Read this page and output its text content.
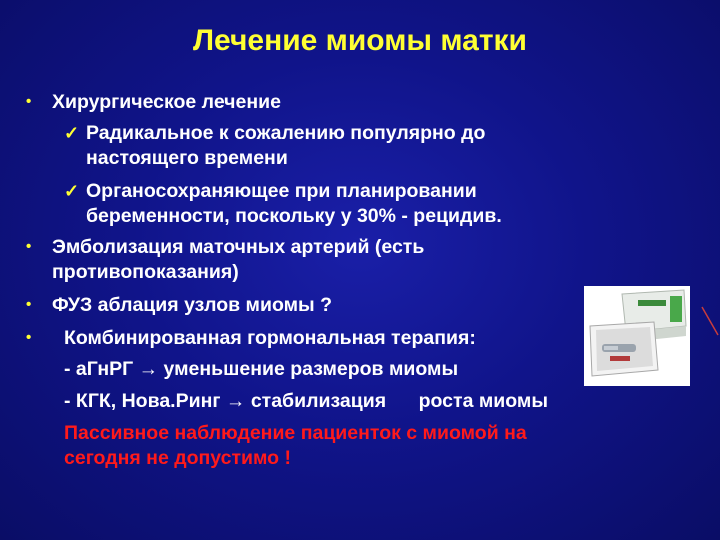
Лечение миомы матки
• Хирургическое лечение
✓ Радикальное к сожалению популярно до
настоящего времени
✓ Органосохраняющее при планировании
беременности, поскольку у 30% - рецидив.
• Эмболизация маточных артерий (есть
противопоказания)
• ФУЗ аблация узлов миомы ?
• Комбинированная гормональная терапия:
- аГнРГ → уменьшение размеров миомы
- КГК, Нова.Ринг → стабилизация      роста миомы
Пассивное наблюдение пациенток с миомой на
сегодня не допустимо !
